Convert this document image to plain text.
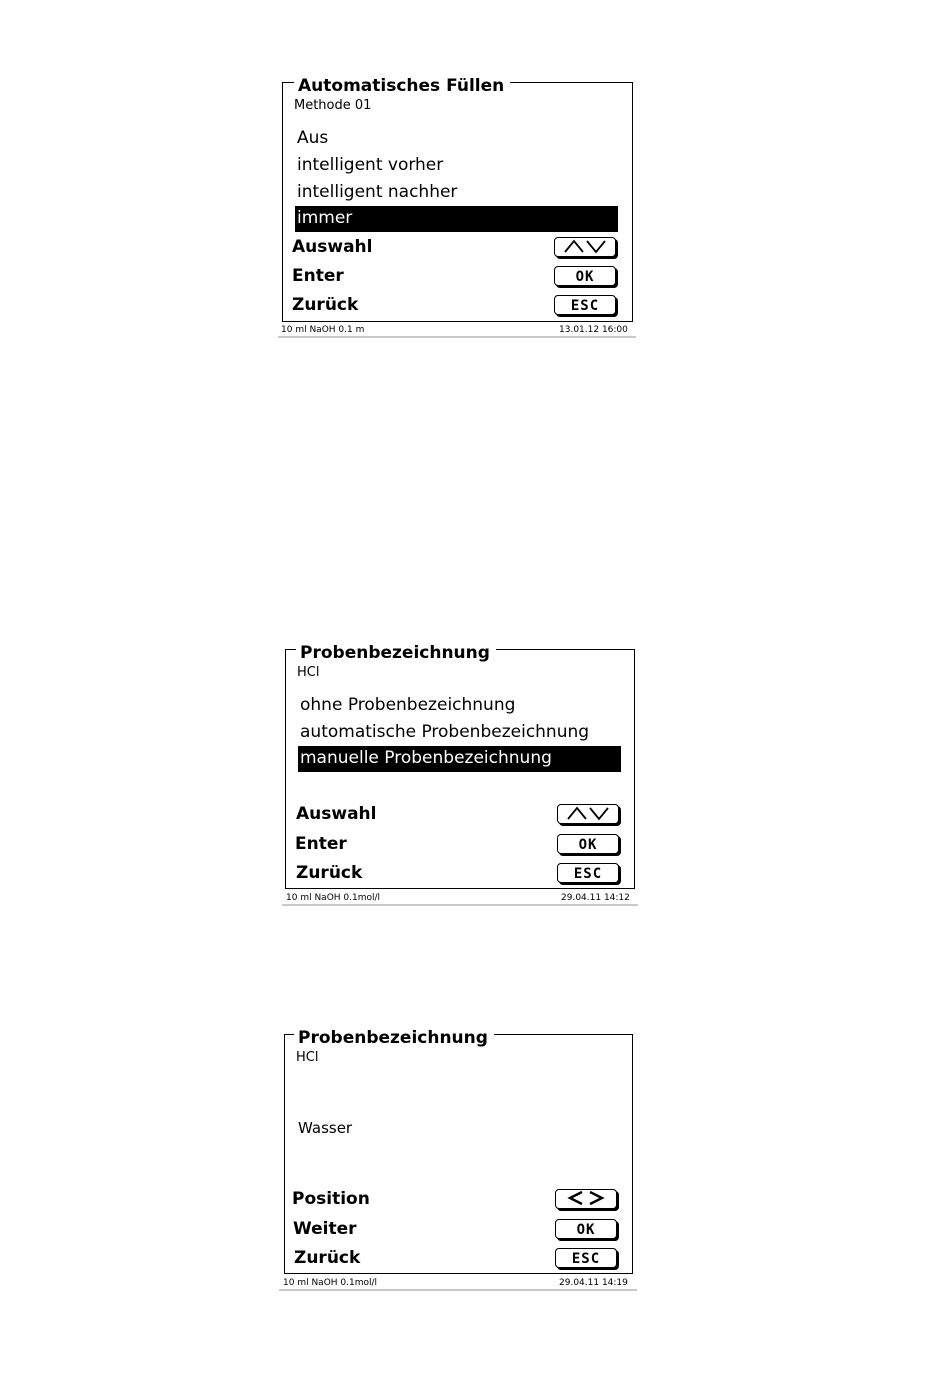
Automatisches Füllen
Methode 01
Aus
intelligent vorher
intelligent nachher
immer
Auswahl
Enter	OK
Zurück	ESC
10 ml NaOH 0.1 m	13.01.12 16:00
Probenbezeichnung
HCl
ohne Probenbezeichnung
automatische Probenbezeichnung
manuelle Probenbezeichnung
Auswahl
Enter	OK
Zurück	ESC
10 ml NaOH 0.1mol/l	29.04.11 14:12
Probenbezeichnung
HCl
Wasser
Position
Weiter	OK
Zurück	ESC
10 ml NaOH 0.1mol/l	29.04.11 14:19
